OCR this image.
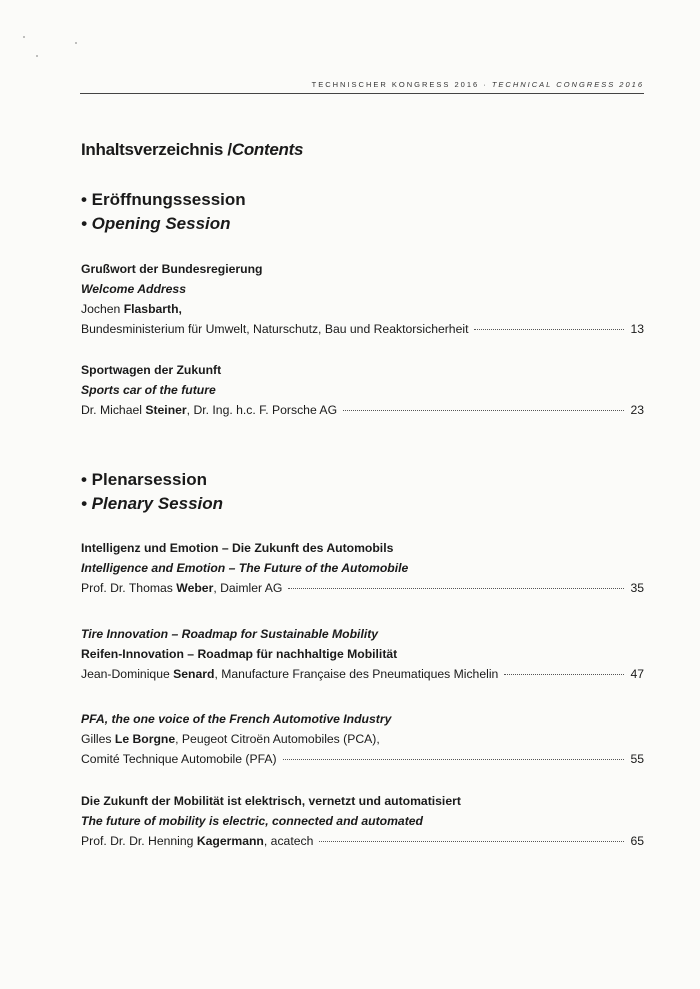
TECHNISCHER KONGRESS 2016 · TECHNICAL CONGRESS 2016
Inhaltsverzeichnis /Contents
• Eröffnungssession
• Opening Session
Grußwort der Bundesregierung
Welcome Address
Jochen Flasbarth,
Bundesministerium für Umwelt, Naturschutz, Bau und Reaktorsicherheit	13
Sportwagen der Zukunft
Sports car of the future
Dr. Michael Steiner, Dr. Ing. h.c. F. Porsche AG	23
• Plenarsession
• Plenary Session
Intelligenz und Emotion – Die Zukunft des Automobils
Intelligence and Emotion – The Future of the Automobile
Prof. Dr. Thomas Weber, Daimler AG	35
Tire Innovation – Roadmap for Sustainable Mobility
Reifen-Innovation – Roadmap für nachhaltige Mobilität
Jean-Dominique Senard, Manufacture Française des Pneumatiques Michelin	47
PFA, the one voice of the French Automotive Industry
Gilles Le Borgne, Peugeot Citroën Automobiles (PCA),
Comité Technique Automobile (PFA)	55
Die Zukunft der Mobilität ist elektrisch, vernetzt und automatisiert
The future of mobility is electric, connected and automated
Prof. Dr. Dr. Henning Kagermann, acatech	65
